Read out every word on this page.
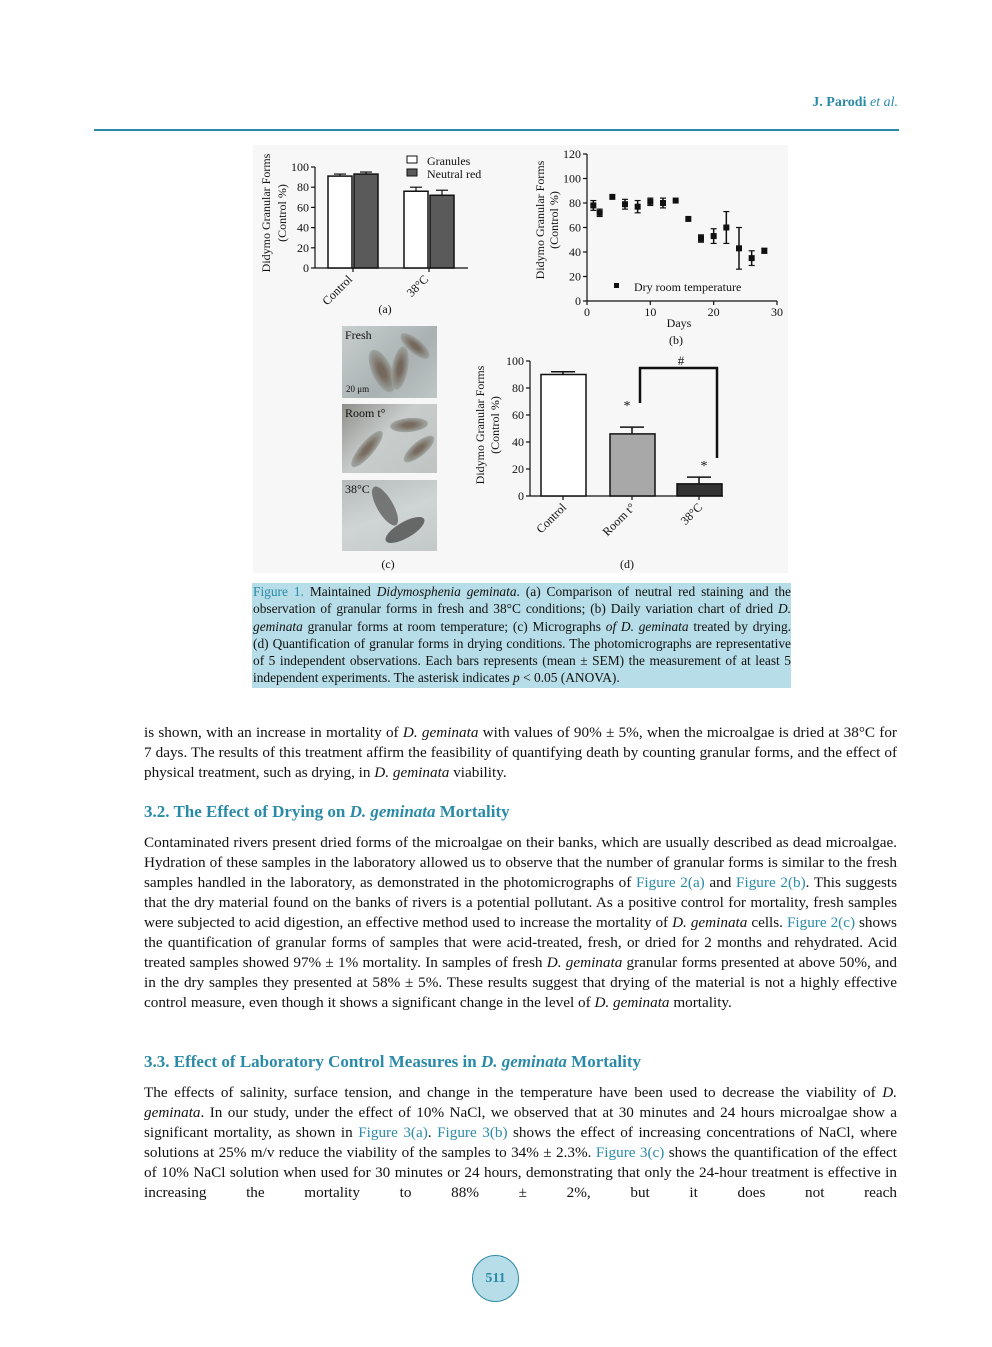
J. Parodi et al.
0
20
40
60
80
100
Control	38°C
Granules
Neutral red
Didymo Granular Forms (Control %)
(a)
0
20
40
60
80
100
120
0	10	20	30
Dry room temperature
Days
Didymo Granular Forms (Control %)
(b)
(c)
0
20
40
60
80
100
Control	Room t°	38°C
#
*
*
Didymo Granular Forms (Control %)
(d)
Fresh
20 μm
Room t°
38°C
Figure 1. Maintained Didymosphenia geminata. (a) Comparison of neutral red staining and the observation of granular forms in fresh and 38°C conditions; (b) Daily variation chart of dried D. geminata granular forms at room temperature; (c) Micrographs of D. geminata treated by drying. (d) Quantification of granular forms in drying conditions. The photomicrographs are representative of 5 independent observations. Each bars represents (mean ± SEM) the measurement of at least 5 independent experiments. The asterisk indicates p < 0.05 (ANOVA).
is shown, with an increase in mortality of D. geminata with values of 90% ± 5%, when the microalgae is dried at 38°C for 7 days. The results of this treatment affirm the feasibility of quantifying death by counting granular forms, and the effect of physical treatment, such as drying, in D. geminata viability.
3.2. The Effect of Drying on D. geminata Mortality
Contaminated rivers present dried forms of the microalgae on their banks, which are usually described as dead microalgae. Hydration of these samples in the laboratory allowed us to observe that the number of granular forms is similar to the fresh samples handled in the laboratory, as demonstrated in the photomicrographs of Figure 2(a) and Figure 2(b). This suggests that the dry material found on the banks of rivers is a potential pollutant. As a positive control for mortality, fresh samples were subjected to acid digestion, an effective method used to increase the mortality of D. geminata cells. Figure 2(c) shows the quantification of granular forms of samples that were acid-treated, fresh, or dried for 2 months and rehydrated. Acid treated samples showed 97% ± 1% mortality. In samples of fresh D. geminata granular forms presented at above 50%, and in the dry samples they presented at 58% ± 5%. These results suggest that drying of the material is not a highly effective control measure, even though it shows a significant change in the level of D. geminata mortality.
3.3. Effect of Laboratory Control Measures in D. geminata Mortality
The effects of salinity, surface tension, and change in the temperature have been used to decrease the viability of D. geminata. In our study, under the effect of 10% NaCl, we observed that at 30 minutes and 24 hours microalgae show a significant mortality, as shown in Figure 3(a). Figure 3(b) shows the effect of increasing concentrations of NaCl, where solutions at 25% m/v reduce the viability of the samples to 34% ± 2.3%. Figure 3(c) shows the quantification of the effect of 10% NaCl solution when used for 30 minutes or 24 hours, demonstrating that only the 24-hour treatment is effective in increasing the mortality to 88% ± 2%, but it does not reach
511
